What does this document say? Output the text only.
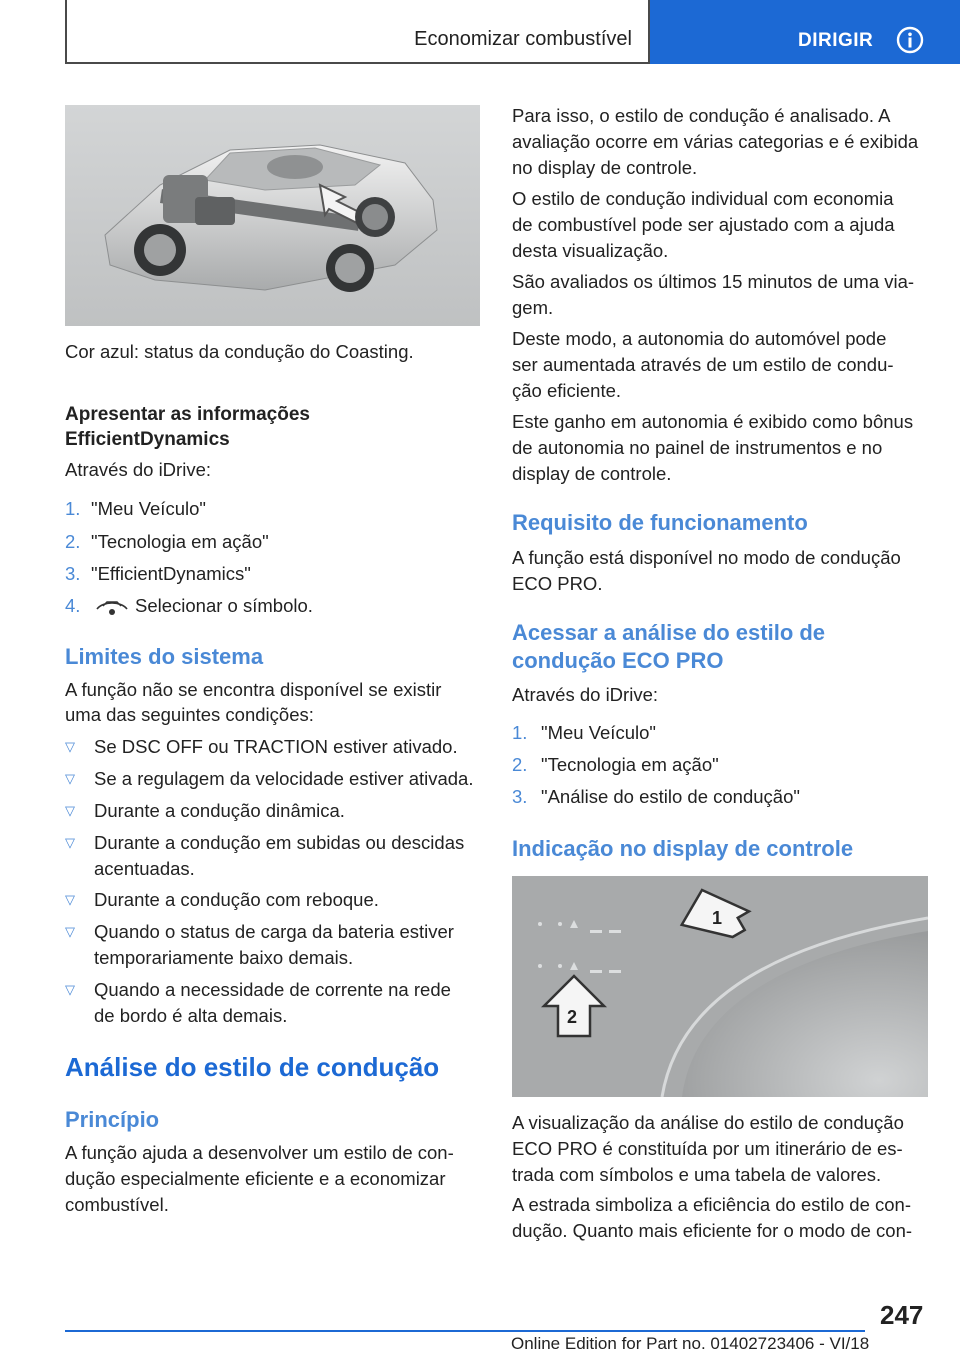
Economizar combustível	DIRIGIR
Cor azul: status da condução do Coasting.
Apresentar as informações
EfficientDynamics
Através do iDrive:
1. "Meu Veículo"
2. "Tecnologia em ação"
3. "EfficientDynamics"
4.	Selecionar o símbolo.
Limites do sistema
A função não se encontra disponível se existir
uma das seguintes condições:
▽ Se DSC OFF ou TRACTION estiver ativado.
▽ Se a regulagem da velocidade estiver ativada.
▽ Durante a condução dinâmica.
▽ Durante a condução em subidas ou descidas
acentuadas.
▽ Durante a condução com reboque.
▽ Quando o status de carga da bateria estiver
temporariamente baixo demais.
▽ Quando a necessidade de corrente na rede
de bordo é alta demais.
Análise do estilo de condução
Princípio
A função ajuda a desenvolver um estilo de con-
dução especialmente eficiente e a economizar
combustível.
Para isso, o estilo de condução é analisado. A
avaliação ocorre em várias categorias e é exibida
no display de controle.
O estilo de condução individual com economia
de combustível pode ser ajustado com a ajuda
desta visualização.
São avaliados os últimos 15 minutos de uma via-
gem.
Deste modo, a autonomia do automóvel pode
ser aumentada através de um estilo de condu-
ção eficiente.
Este ganho em autonomia é exibido como bônus
de autonomia no painel de instrumentos e no
display de controle.
Requisito de funcionamento
A função está disponível no modo de condução
ECO PRO.
Acessar a análise do estilo de
condução ECO PRO
Através do iDrive:
1. "Meu Veículo"
2. "Tecnologia em ação"
3. "Análise do estilo de condução"
Indicação no display de controle
1
2
A visualização da análise do estilo de condução
ECO PRO é constituída por um itinerário de es-
trada com símbolos e uma tabela de valores.
A estrada simboliza a eficiência do estilo de con-
dução. Quanto mais eficiente for o modo de con-
247
Online Edition for Part no. 01402723406 - VI/18
